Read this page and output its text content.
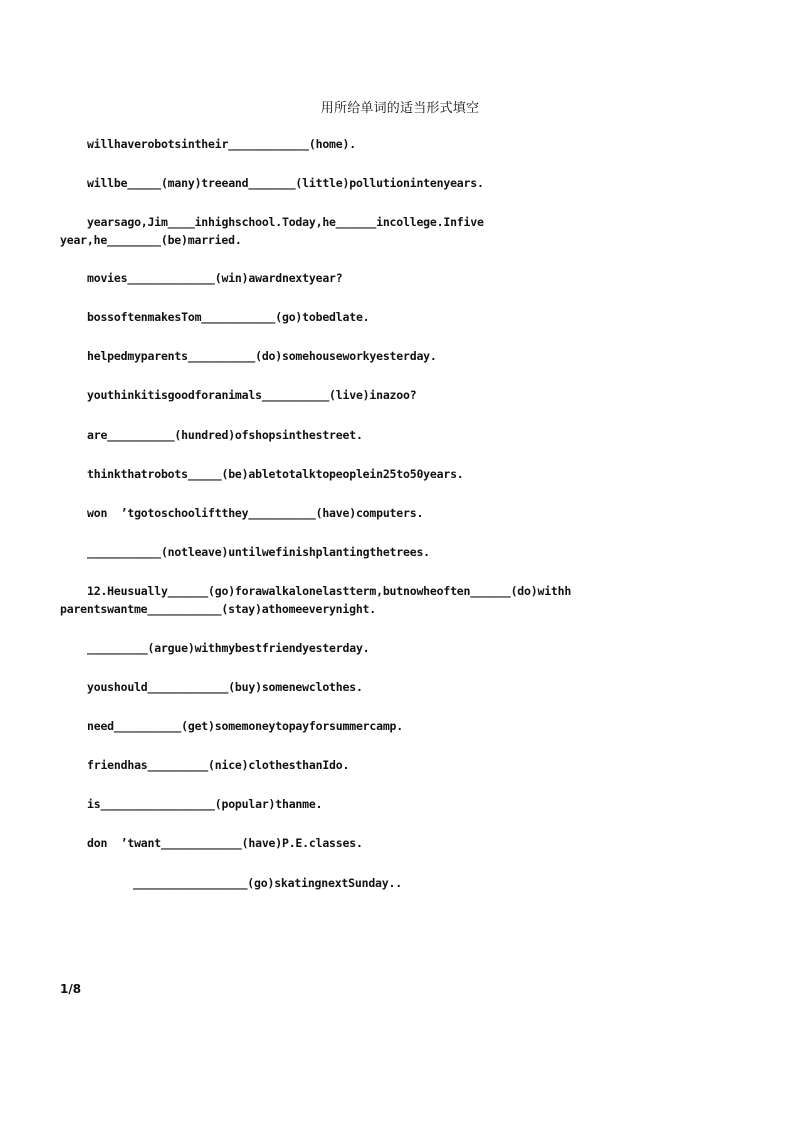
用所给单词的适当形式填空
willhaverobotsintheir____________(home).
willbe_____(many)treeand_______(little)pollutionintenyears.
yearsago,Jim____inhighschool.Today,he______incollege.Infive
year,he________(be)married.
movies_____________(win)awardnextyear?
bossoftenmakesTom___________(go)tobedlate.
helpedmyparents__________(do)somehouseworkyesterday.
youthinkitisgoodforanimals__________(live)inazoo?
are__________(hundred)ofshopsinthestreet.
thinkthatrobots_____(be)abletotalktopeoplein25to50years.
won  ’tgotoschooliftthey__________(have)computers.
___________(notleave)untilwefinishplantingthetrees.
12.Heusually______(go)forawalkalonelastterm,butnowheoften______(do)withh
parentswantme___________(stay)athomeeverynight.
_________(argue)withmybestfriendyesterday.
youshould____________(buy)somenewclothes.
need__________(get)somemoneytopayforsummercamp.
friendhas_________(nice)clothesthanIdo.
is_________________(popular)thanme.
don  ’twant____________(have)P.E.classes.
_________________(go)skatingnextSunday..
1/8
